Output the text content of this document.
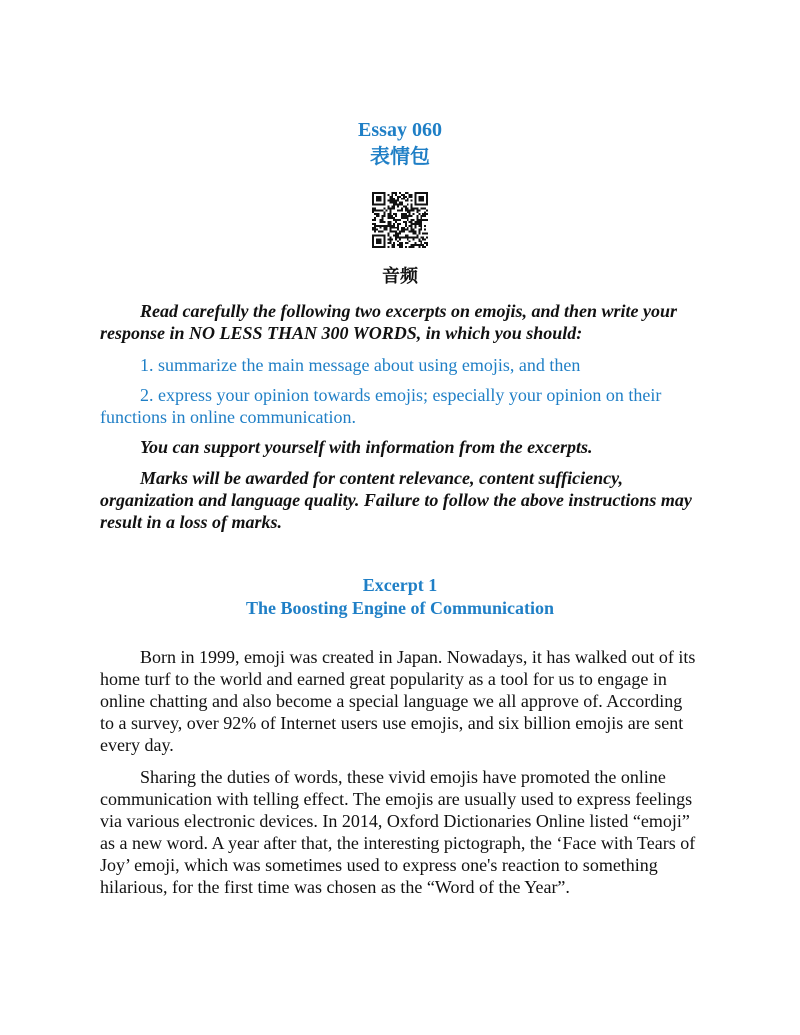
Essay 060
表情包
音频

Read carefully the following two excerpts on emojis, and then write your response in NO LESS THAN 300 WORDS, in which you should:

1. summarize the main message about using emojis, and then

2. express your opinion towards emojis; especially your opinion on their functions in online communication.

You can support yourself with information from the excerpts.

Marks will be awarded for content relevance, content sufficiency, organization and language quality. Failure to follow the above instructions may result in a loss of marks.

Excerpt 1
The Boosting Engine of Communication

Born in 1999, emoji was created in Japan. Nowadays, it has walked out of its home turf to the world and earned great popularity as a tool for us to engage in online chatting and also become a special language we all approve of. According to a survey, over 92% of Internet users use emojis, and six billion emojis are sent every day.

Sharing the duties of words, these vivid emojis have promoted the online communication with telling effect. The emojis are usually used to express feelings via various electronic devices. In 2014, Oxford Dictionaries Online listed “emoji” as a new word. A year after that, the interesting pictograph, the ‘Face with Tears of Joy’ emoji, which was sometimes used to express one's reaction to something hilarious, for the first time was chosen as the “Word of the Year”.
